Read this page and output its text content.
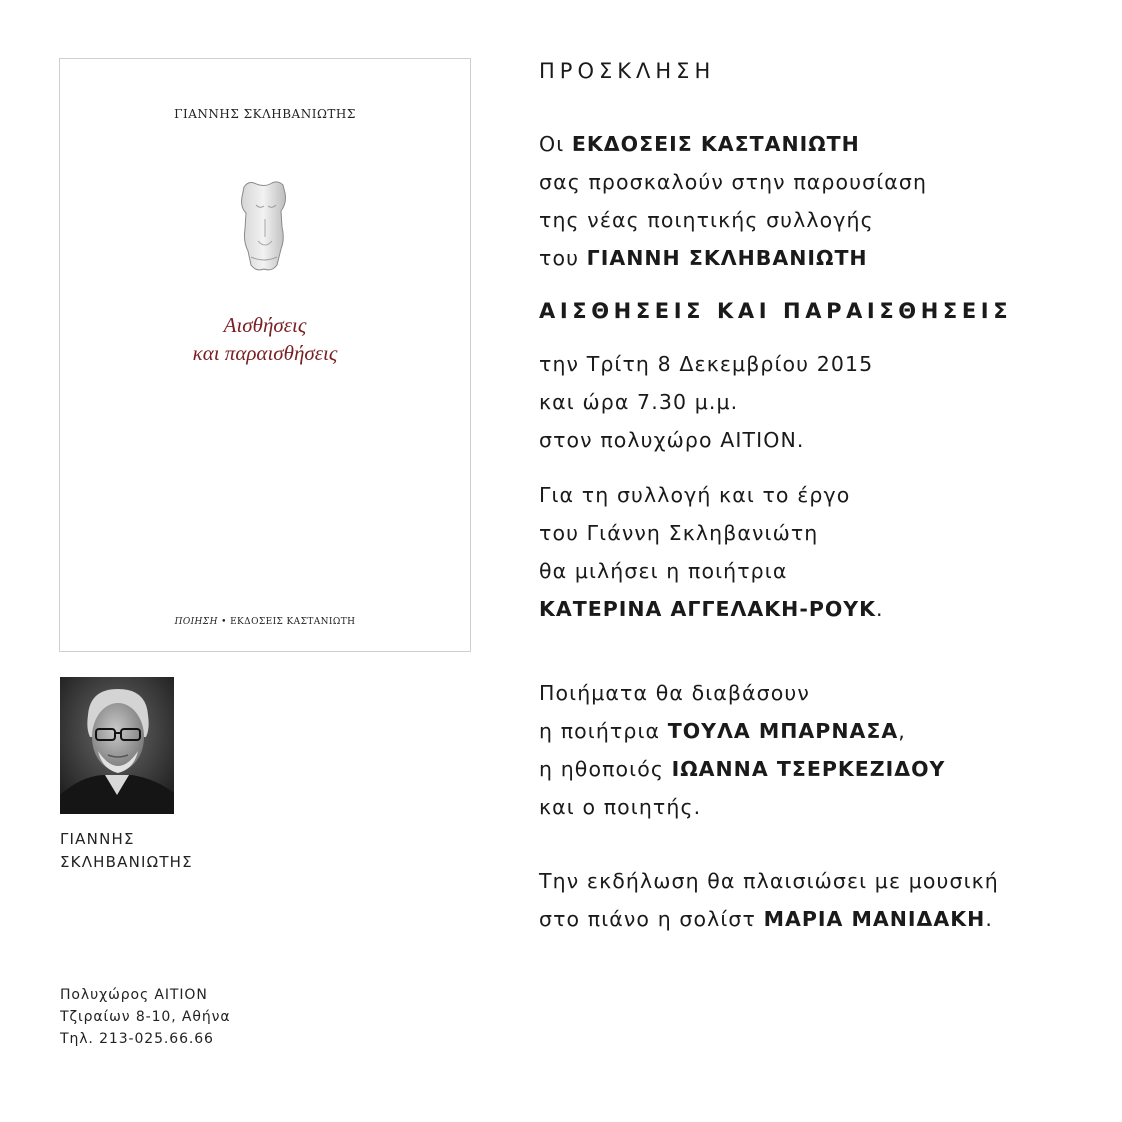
ΓΙΑΝΝΗΣ ΣΚΛΗΒΑΝΙΩΤΗΣ
Αισθήσεις
και παραισθήσεις
ΠΟΙΗΣΗ • ΕΚΔΟΣΕΙΣ ΚΑΣΤΑΝΙΩΤΗ
ΓΙΑΝΝΗΣ
ΣΚΛΗΒΑΝΙΩΤΗΣ
Πολυχώρος ΑΙΤΙΟΝ
Τζιραίων 8-10, Αθήνα
Τηλ. 213-025.66.66
ΠΡΟΣΚΛΗΣΗ
Οι ΕΚΔΟΣΕΙΣ ΚΑΣΤΑΝΙΩΤΗ
σας προσκαλούν στην παρουσίαση
της νέας ποιητικής συλλογής
του ΓΙΑΝΝΗ ΣΚΛΗΒΑΝΙΩΤΗ
ΑΙΣΘΗΣΕΙΣ ΚΑΙ ΠΑΡΑΙΣΘΗΣΕΙΣ
την Τρίτη 8 Δεκεμβρίου 2015
και ώρα 7.30 μ.μ.
στον πολυχώρο ΑΙΤΙΟΝ.
Για τη συλλογή και το έργο
του Γιάννη Σκληβανιώτη
θα μιλήσει η ποιήτρια
ΚΑΤΕΡΙΝΑ ΑΓΓΕΛΑΚΗ-ΡΟΥΚ.
Ποιήματα θα διαβάσουν
η ποιήτρια ΤΟΥΛΑ ΜΠΑΡΝΑΣΑ,
η ηθοποιός ΙΩΑΝΝΑ ΤΣΕΡΚΕΖΙΔΟΥ
και ο ποιητής.
Την εκδήλωση θα πλαισιώσει με μουσική
στο πιάνο η σολίστ ΜΑΡΙΑ ΜΑΝΙΔΑΚΗ.
